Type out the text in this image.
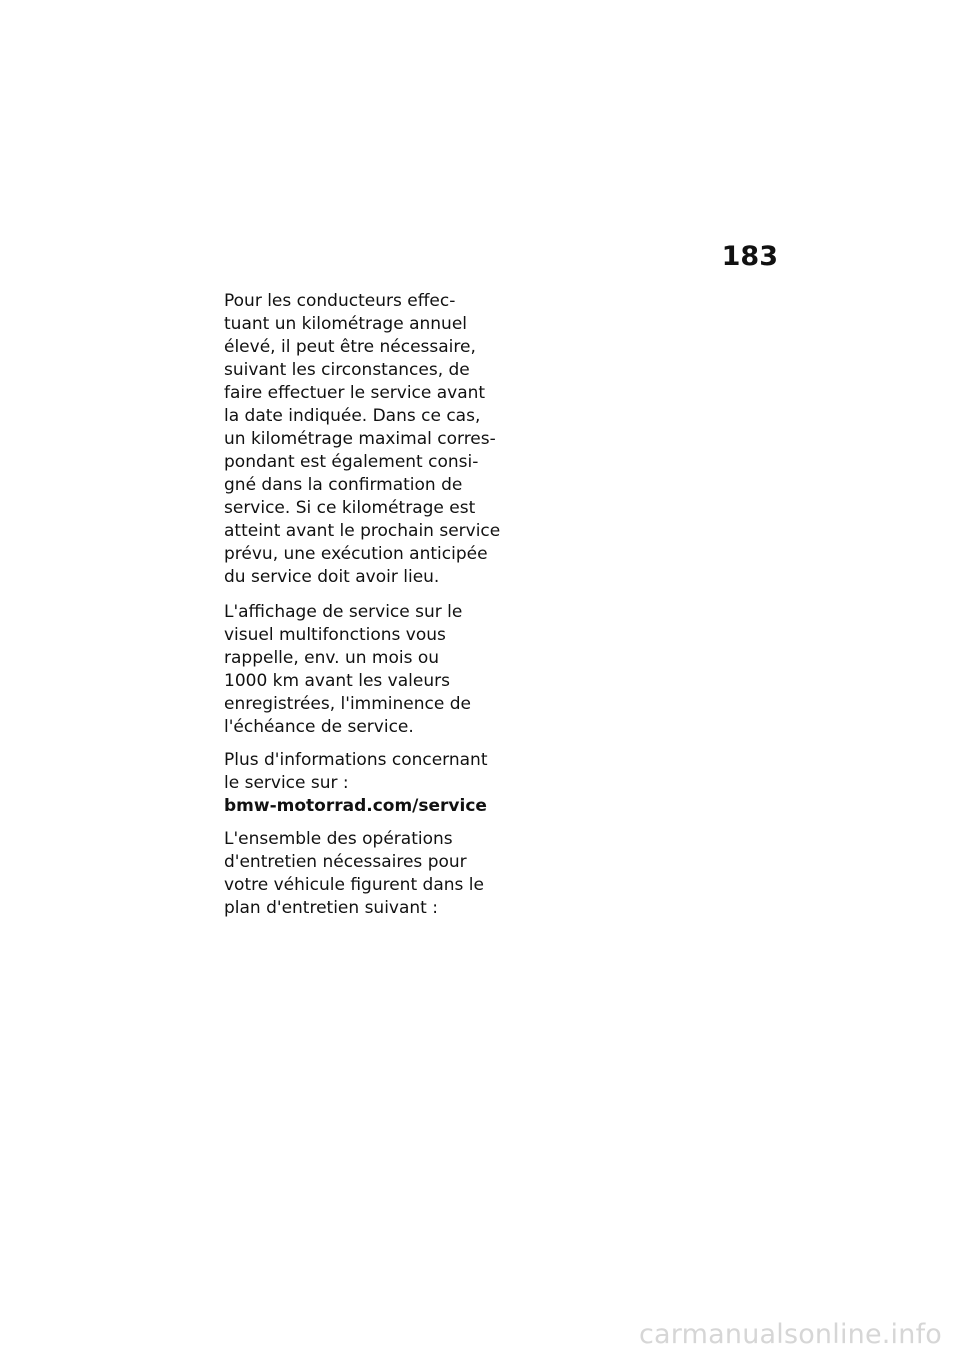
183

Pour les conducteurs effec-
tuant un kilométrage annuel
élevé, il peut être nécessaire,
suivant les circonstances, de
faire effectuer le service avant
la date indiquée. Dans ce cas,
un kilométrage maximal corres-
pondant est également consi-
gné dans la confirmation de
service. Si ce kilométrage est
atteint avant le prochain service
prévu, une exécution anticipée
du service doit avoir lieu.

L'affichage de service sur le
visuel multifonctions vous
rappelle, env. un mois ou
1000 km avant les valeurs
enregistrées, l'imminence de
l'échéance de service.

Plus d'informations concernant
le service sur :
bmw-motorrad.com/service

L'ensemble des opérations
d'entretien nécessaires pour
votre véhicule figurent dans le
plan d'entretien suivant :

carmanualsonline.info
